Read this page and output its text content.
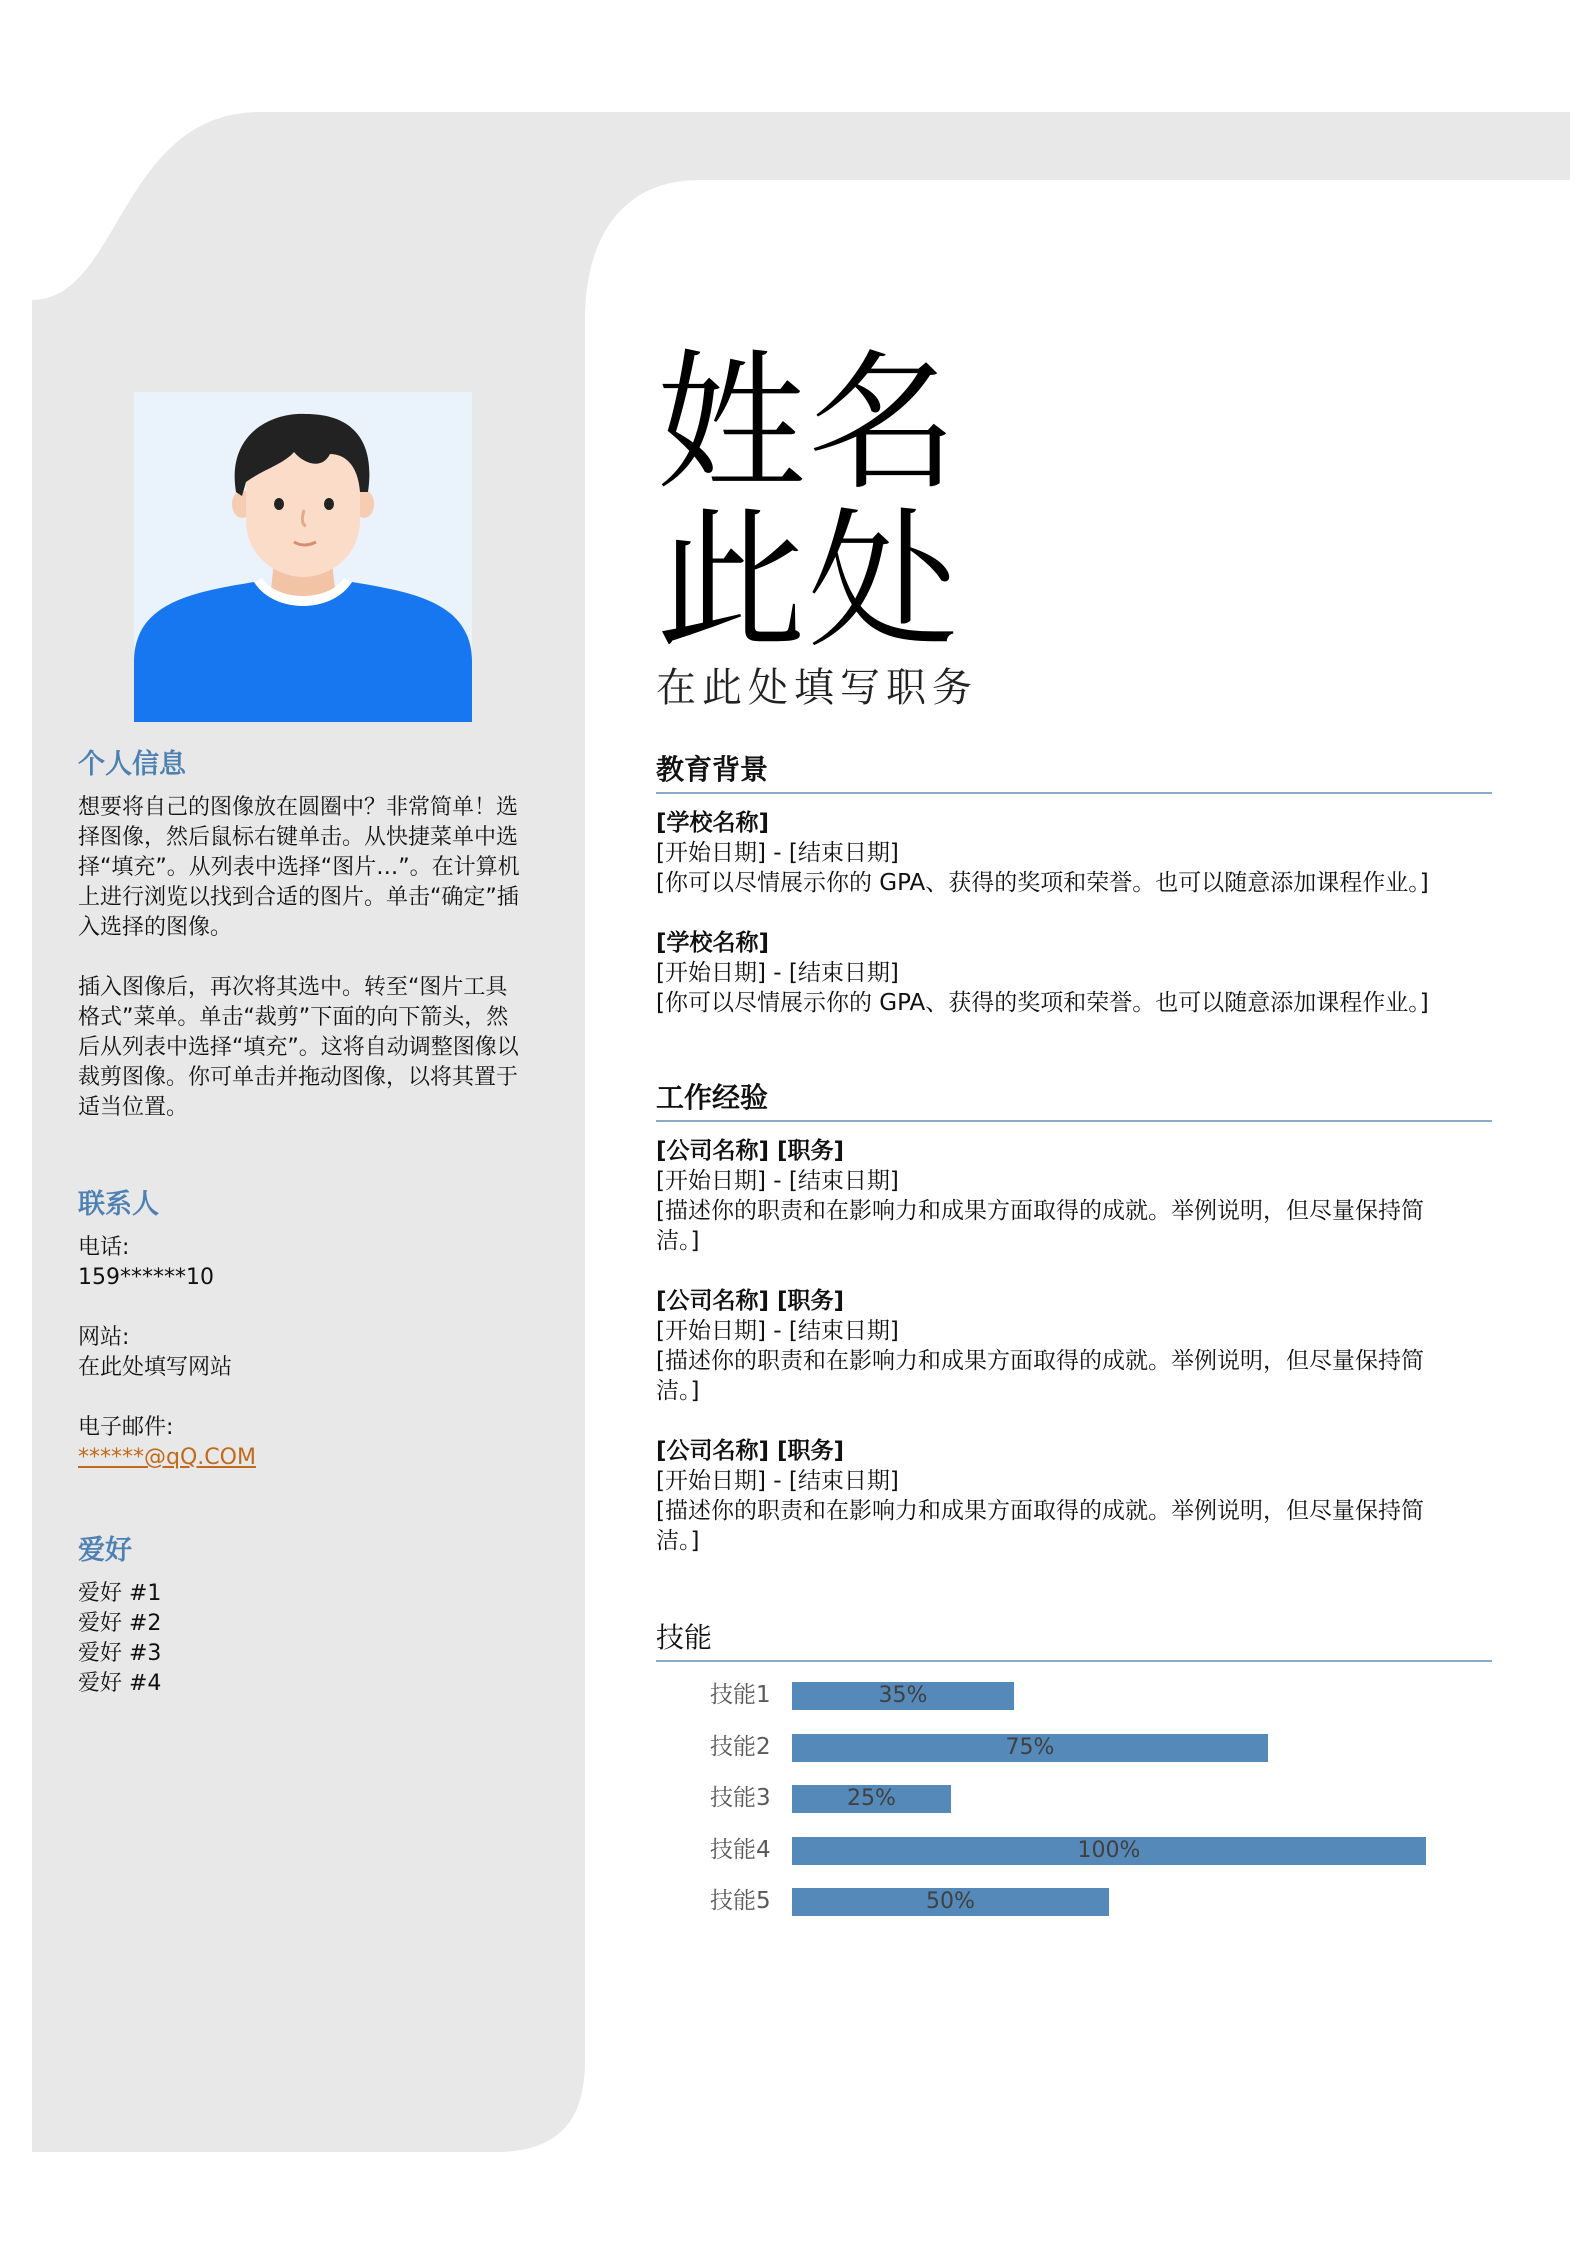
个人信息

想要将自己的图像放在圆圈中？非常简单！选择图像，然后鼠标右键单击。从快捷菜单中选择“填充”。从列表中选择“图片…”。在计算机上进行浏览以找到合适的图片。单击“确定”插入选择的图像。

插入图像后，再次将其选中。转至“图片工具格式”菜单。单击“裁剪”下面的向下箭头，然后从列表中选择“填充”。这将自动调整图像以裁剪图像。你可单击并拖动图像，以将其置于适当位置。

联系人

电话:

159******10

网站:

在此处填写网站

电子邮件:

******@qQ.COM

爱好

爱好 #1

爱好 #2

爱好 #3

爱好 #4

姓名
此处
在此处填写职务
教育背景
[学校名称]
[开始日期] - [结束日期]
[你可以尽情展示你的 GPA、获得的奖项和荣誉。也可以随意添加课程作业。]
[学校名称]
[开始日期] - [结束日期]
[你可以尽情展示你的 GPA、获得的奖项和荣誉。也可以随意添加课程作业。]
工作经验
[公司名称] [职务]
[开始日期] - [结束日期]
[描述你的职责和在影响力和成果方面取得的成就。举例说明，但尽量保持简
洁。]
[公司名称] [职务]
[开始日期] - [结束日期]
[描述你的职责和在影响力和成果方面取得的成就。举例说明，但尽量保持简
洁。]
[公司名称] [职务]
[开始日期] - [结束日期]
[描述你的职责和在影响力和成果方面取得的成就。举例说明，但尽量保持简
洁。]
技能
技能1	35%
技能2	75%
技能3	25%
技能4	100%
技能5	50%
